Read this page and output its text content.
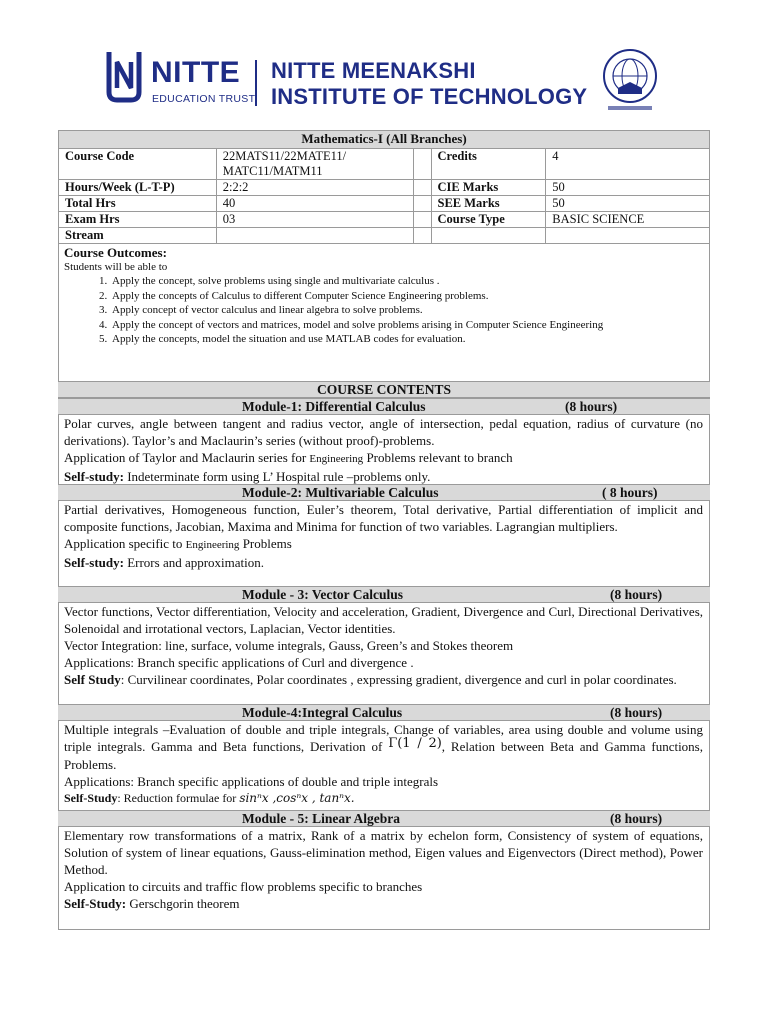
NITTE
EDUCATION TRUST
NITTE MEENAKSHI
INSTITUTE OF TECHNOLOGY
Mathematics-I (All Branches)				
Course Code	22MATS11/22MATE11/ MATC11/MATM11		Credits	4
Hours/Week (L-T-P)	2:2:2		CIE Marks	50
Total Hrs	40		SEE Marks	50
Exam Hrs	03		Course Type	BASIC SCIENCE
Stream				
Course Outcomes:
Students will be able to
1. Apply the concept, solve problems using single and multivariate calculus .
2. Apply the concepts of Calculus to different Computer Science Engineering problems.
3. Apply concept of vector calculus and linear algebra to solve problems.
4. Apply the concept of vectors and matrices, model and solve problems arising in Computer Science Engineering
5. Apply the concepts, model the situation and use MATLAB codes for evaluation.
COURSE CONTENTS
Module-1: Differential Calculus	(8 hours)

Polar curves, angle between tangent and radius vector, angle of intersection, pedal equation, radius of curvature (no derivations). Taylor’s and Maclaurin’s series (without proof)-problems.

Application of Taylor and Maclaurin series for Engineering Problems relevant to branch

Self-study: Indeterminate form using L’ Hospital rule –problems only.

Module-2: Multivariable Calculus	( 8 hours)

Partial derivatives, Homogeneous function, Euler’s theorem, Total derivative, Partial differentiation of implicit and composite functions, Jacobian, Maxima and Minima for function of two variables. Lagrangian multipliers.

Application specific to Engineering Problems

Self-study: Errors and approximation.

Module - 3: Vector Calculus	(8 hours)

Vector functions, Vector differentiation, Velocity and acceleration, Gradient, Divergence and Curl, Directional Derivatives, Solenoidal and irrotational vectors, Laplacian, Vector identities.

Vector Integration: line, surface, volume integrals, Gauss, Green’s and Stokes theorem

Applications: Branch specific applications of Curl and divergence .

Self Study: Curvilinear coordinates, Polar coordinates , expressing gradient, divergence and curl in polar coordinates.

Module-4:Integral Calculus	(8 hours)

Multiple integrals –Evaluation of double and triple integrals, Change of variables, area using double and volume using triple integrals. Gamma and Beta functions, Derivation of Γ(1 / 2), Relation between Beta and Gamma functions, Problems.

Applications: Branch specific applications of double and triple integrals

Self-Study: Reduction formulae for sinⁿx ,cosⁿx , tanⁿx.

Module - 5: Linear Algebra	(8 hours)

Elementary row transformations of a matrix, Rank of a matrix by echelon form, Consistency of system of equations, Solution of system of linear equations, Gauss-elimination method, Eigen values and Eigenvectors (Direct method), Power Method.

Application to circuits and traffic flow problems specific to branches

Self-Study: Gerschgorin theorem
